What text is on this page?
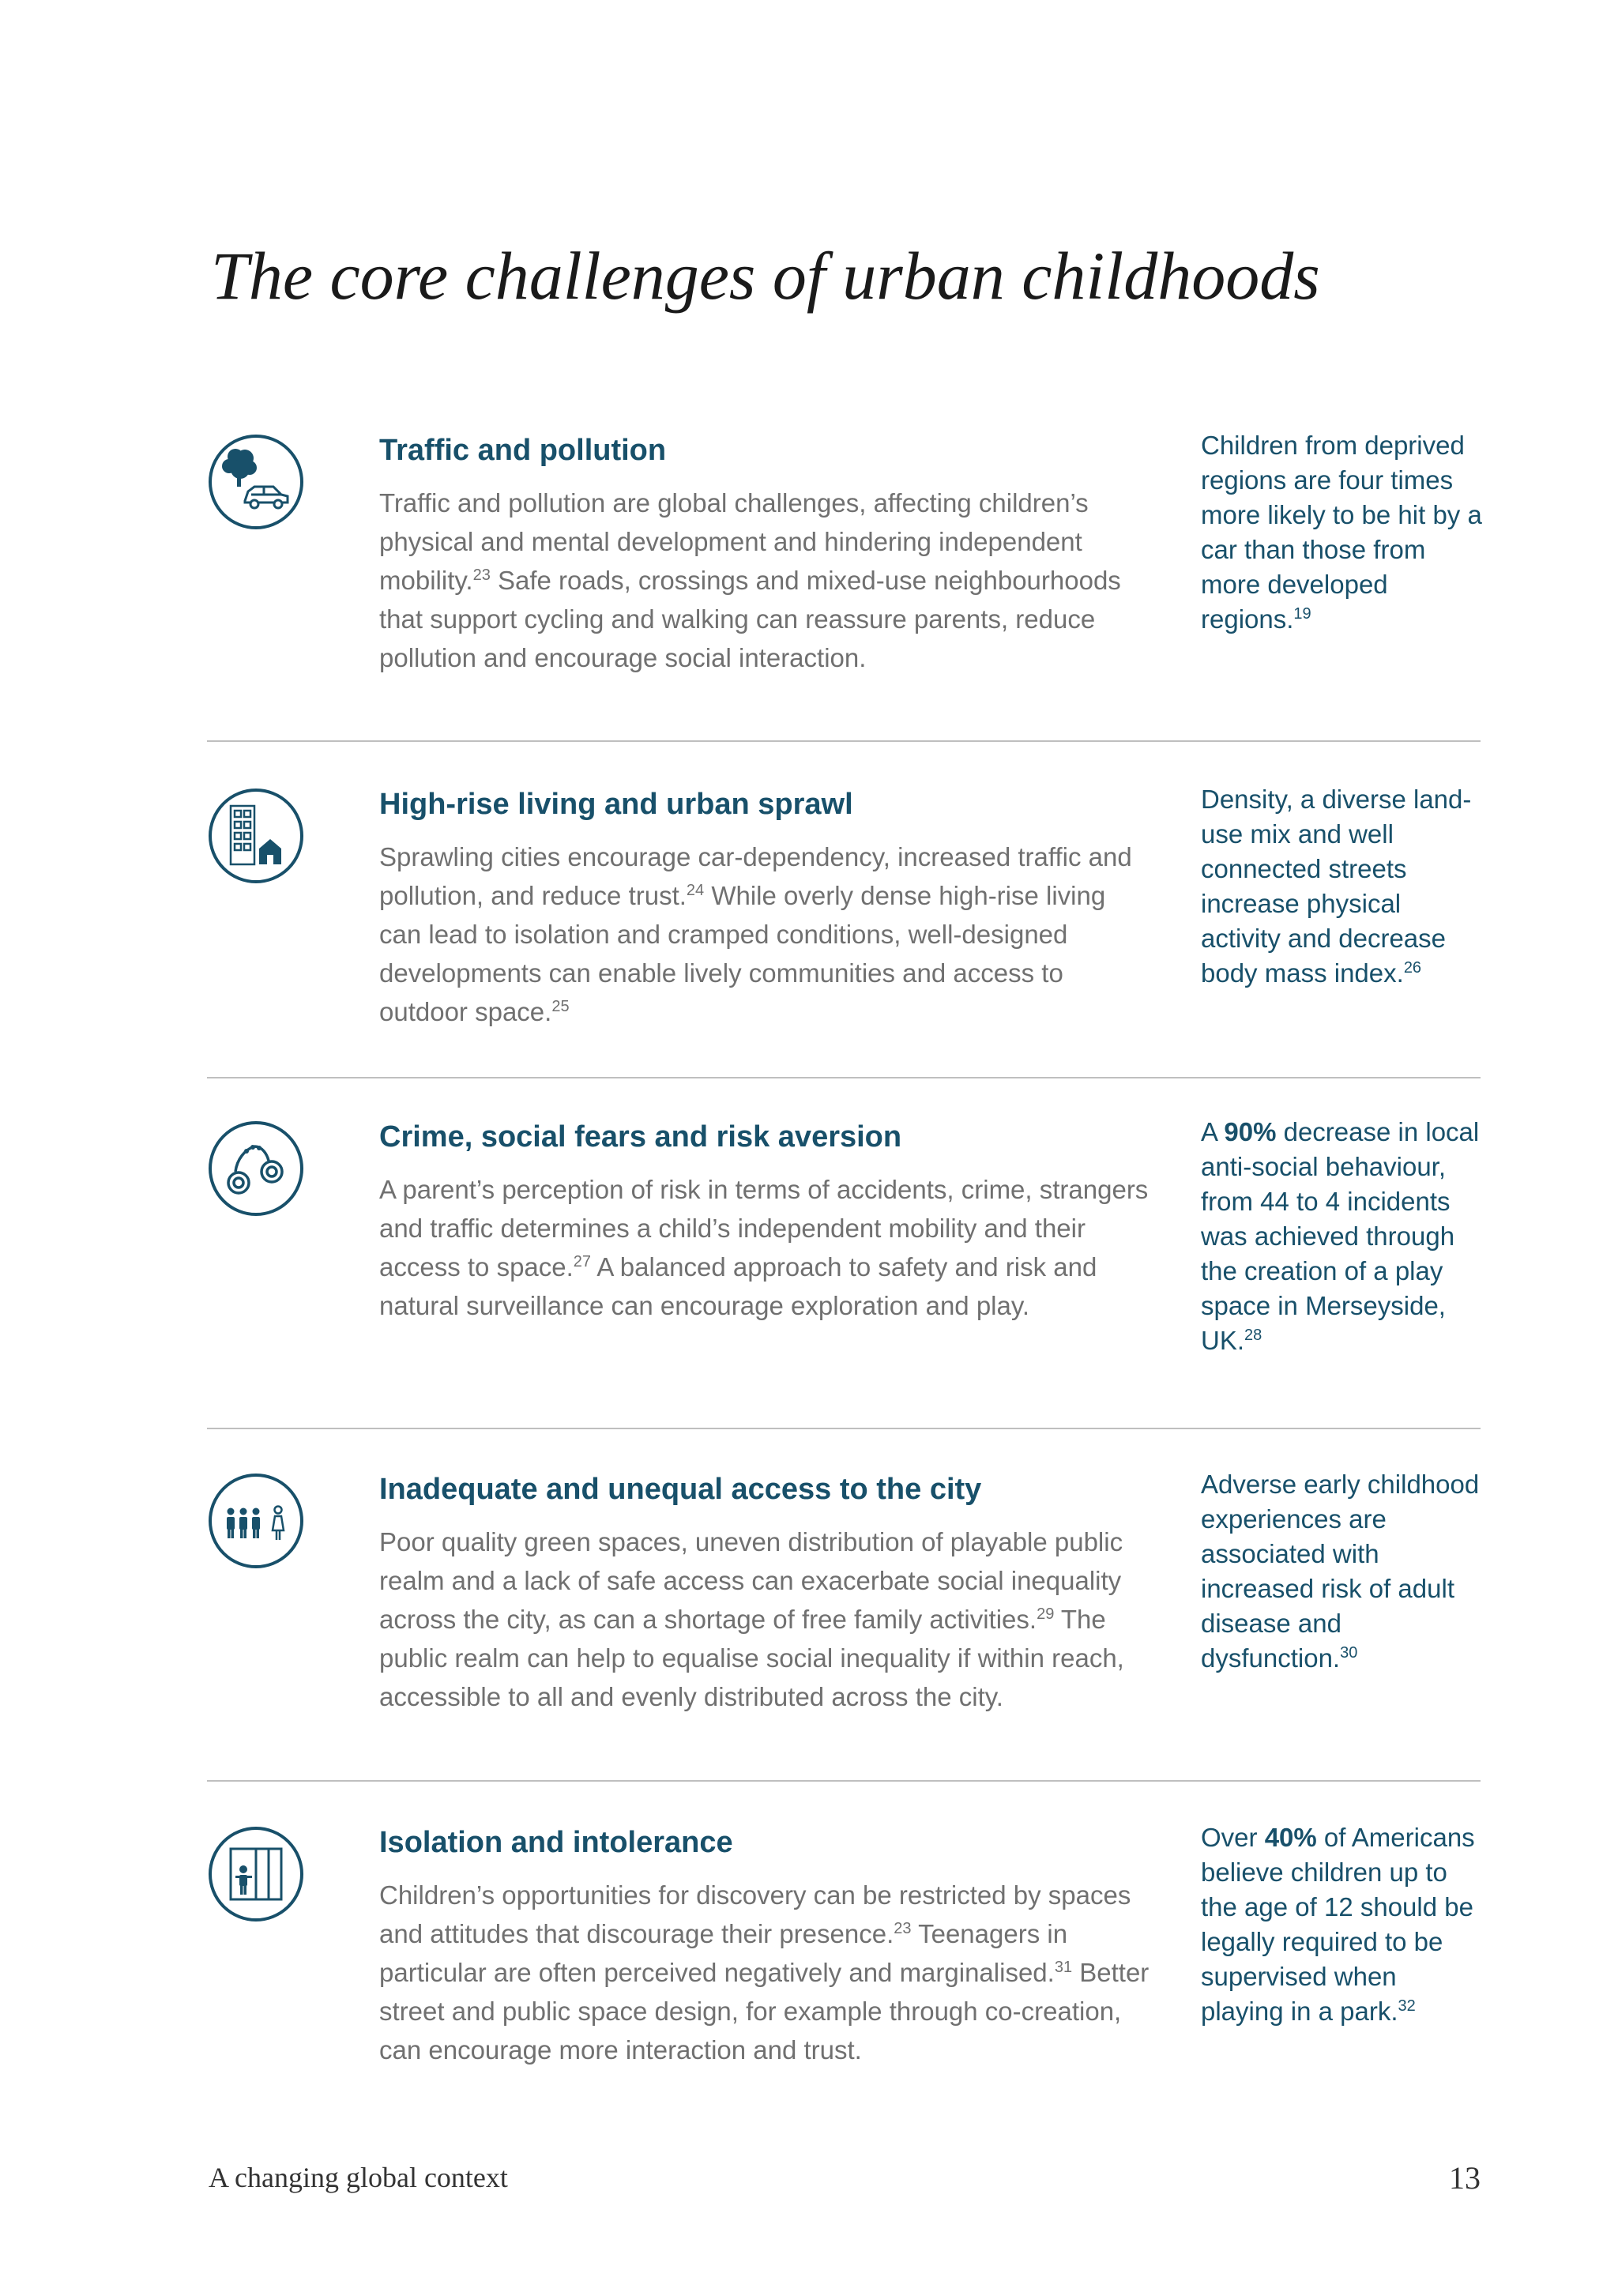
The core challenges of urban childhoods
Traffic and pollution

Traffic and pollution are global challenges, affecting children’s physical and mental development and hindering independent mobility.$^{23}$ Safe roads, crossings and mixed-use neighbourhoods that support cycling and walking can reassure parents, reduce pollution and encourage social interaction.

Children from deprived regions are four times more likely to be hit by a car than those from more developed regions.$^{19}$

High-rise living and urban sprawl

Sprawling cities encourage car-dependency, increased traffic and pollution, and reduce trust.$^{24}$ While overly dense high-rise living can lead to isolation and cramped conditions, well-designed developments can enable lively communities and access to outdoor space.$^{25}$

Density, a diverse land-use mix and well connected streets increase physical activity and decrease body mass index.$^{26}$

Crime, social fears and risk aversion

A parent’s perception of risk in terms of accidents, crime, strangers and traffic determines a child’s independent mobility and their access to space.$^{27}$ A balanced approach to safety and risk and natural surveillance can encourage exploration and play.

A 90% decrease in local anti-social behaviour, from 44 to 4 incidents was achieved through the creation of a play space in Merseyside, UK.$^{28}$

Inadequate and unequal access to the city

Poor quality green spaces, uneven distribution of playable public realm and a lack of safe access can exacerbate social inequality across the city, as can a shortage of free family activities.$^{29}$ The public realm can help to equalise social inequality if within reach, accessible to all and evenly distributed across the city.

Adverse early childhood experiences are associated with increased risk of adult disease and dysfunction.$^{30}$

Isolation and intolerance

Children’s opportunities for discovery can be restricted by spaces and attitudes that discourage their presence.$^{23}$ Teenagers in particular are often perceived negatively and marginalised.$^{31}$ Better street and public space design, for example through co-creation, can encourage more interaction and trust.

Over 40% of Americans believe children up to the age of 12 should be legally required to be supervised when playing in a park.$^{32}$

A changing global context	13
